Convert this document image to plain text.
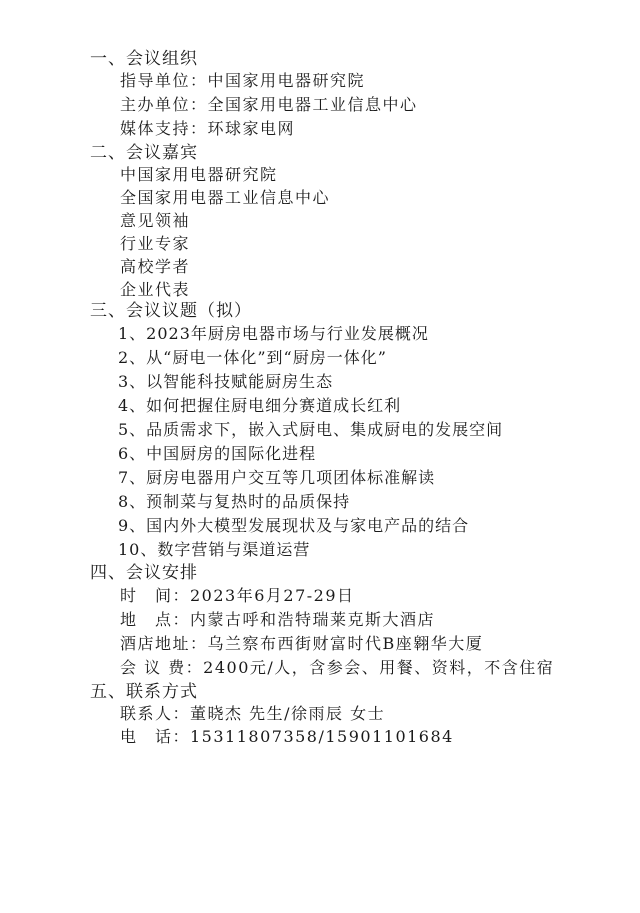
一、会议组织
指导单位：中国家用电器研究院
主办单位：全国家用电器工业信息中心
媒体支持：环球家电网
二、会议嘉宾
中国家用电器研究院
全国家用电器工业信息中心
意见领袖
行业专家
高校学者
企业代表
三、会议议题（拟）
1、2023年厨房电器市场与行业发展概况
2、从“厨电一体化”到“厨房一体化”
3、以智能科技赋能厨房生态
4、如何把握住厨电细分赛道成长红利
5、品质需求下，嵌入式厨电、集成厨电的发展空间
6、中国厨房的国际化进程
7、厨房电器用户交互等几项团体标准解读
8、预制菜与复热时的品质保持
9、国内外大模型发展现状及与家电产品的结合
10、数字营销与渠道运营
四、会议安排
时　间：2023年6月27-29日
地　点：内蒙古呼和浩特瑞莱克斯大酒店
酒店地址：乌兰察布西街财富时代B座翱华大厦
会 议 费：2400元/人，含参会、用餐、资料，不含住宿
五、联系方式
联系人：董晓杰 先生/徐雨辰 女士
电　话：15311807358/15901101684
